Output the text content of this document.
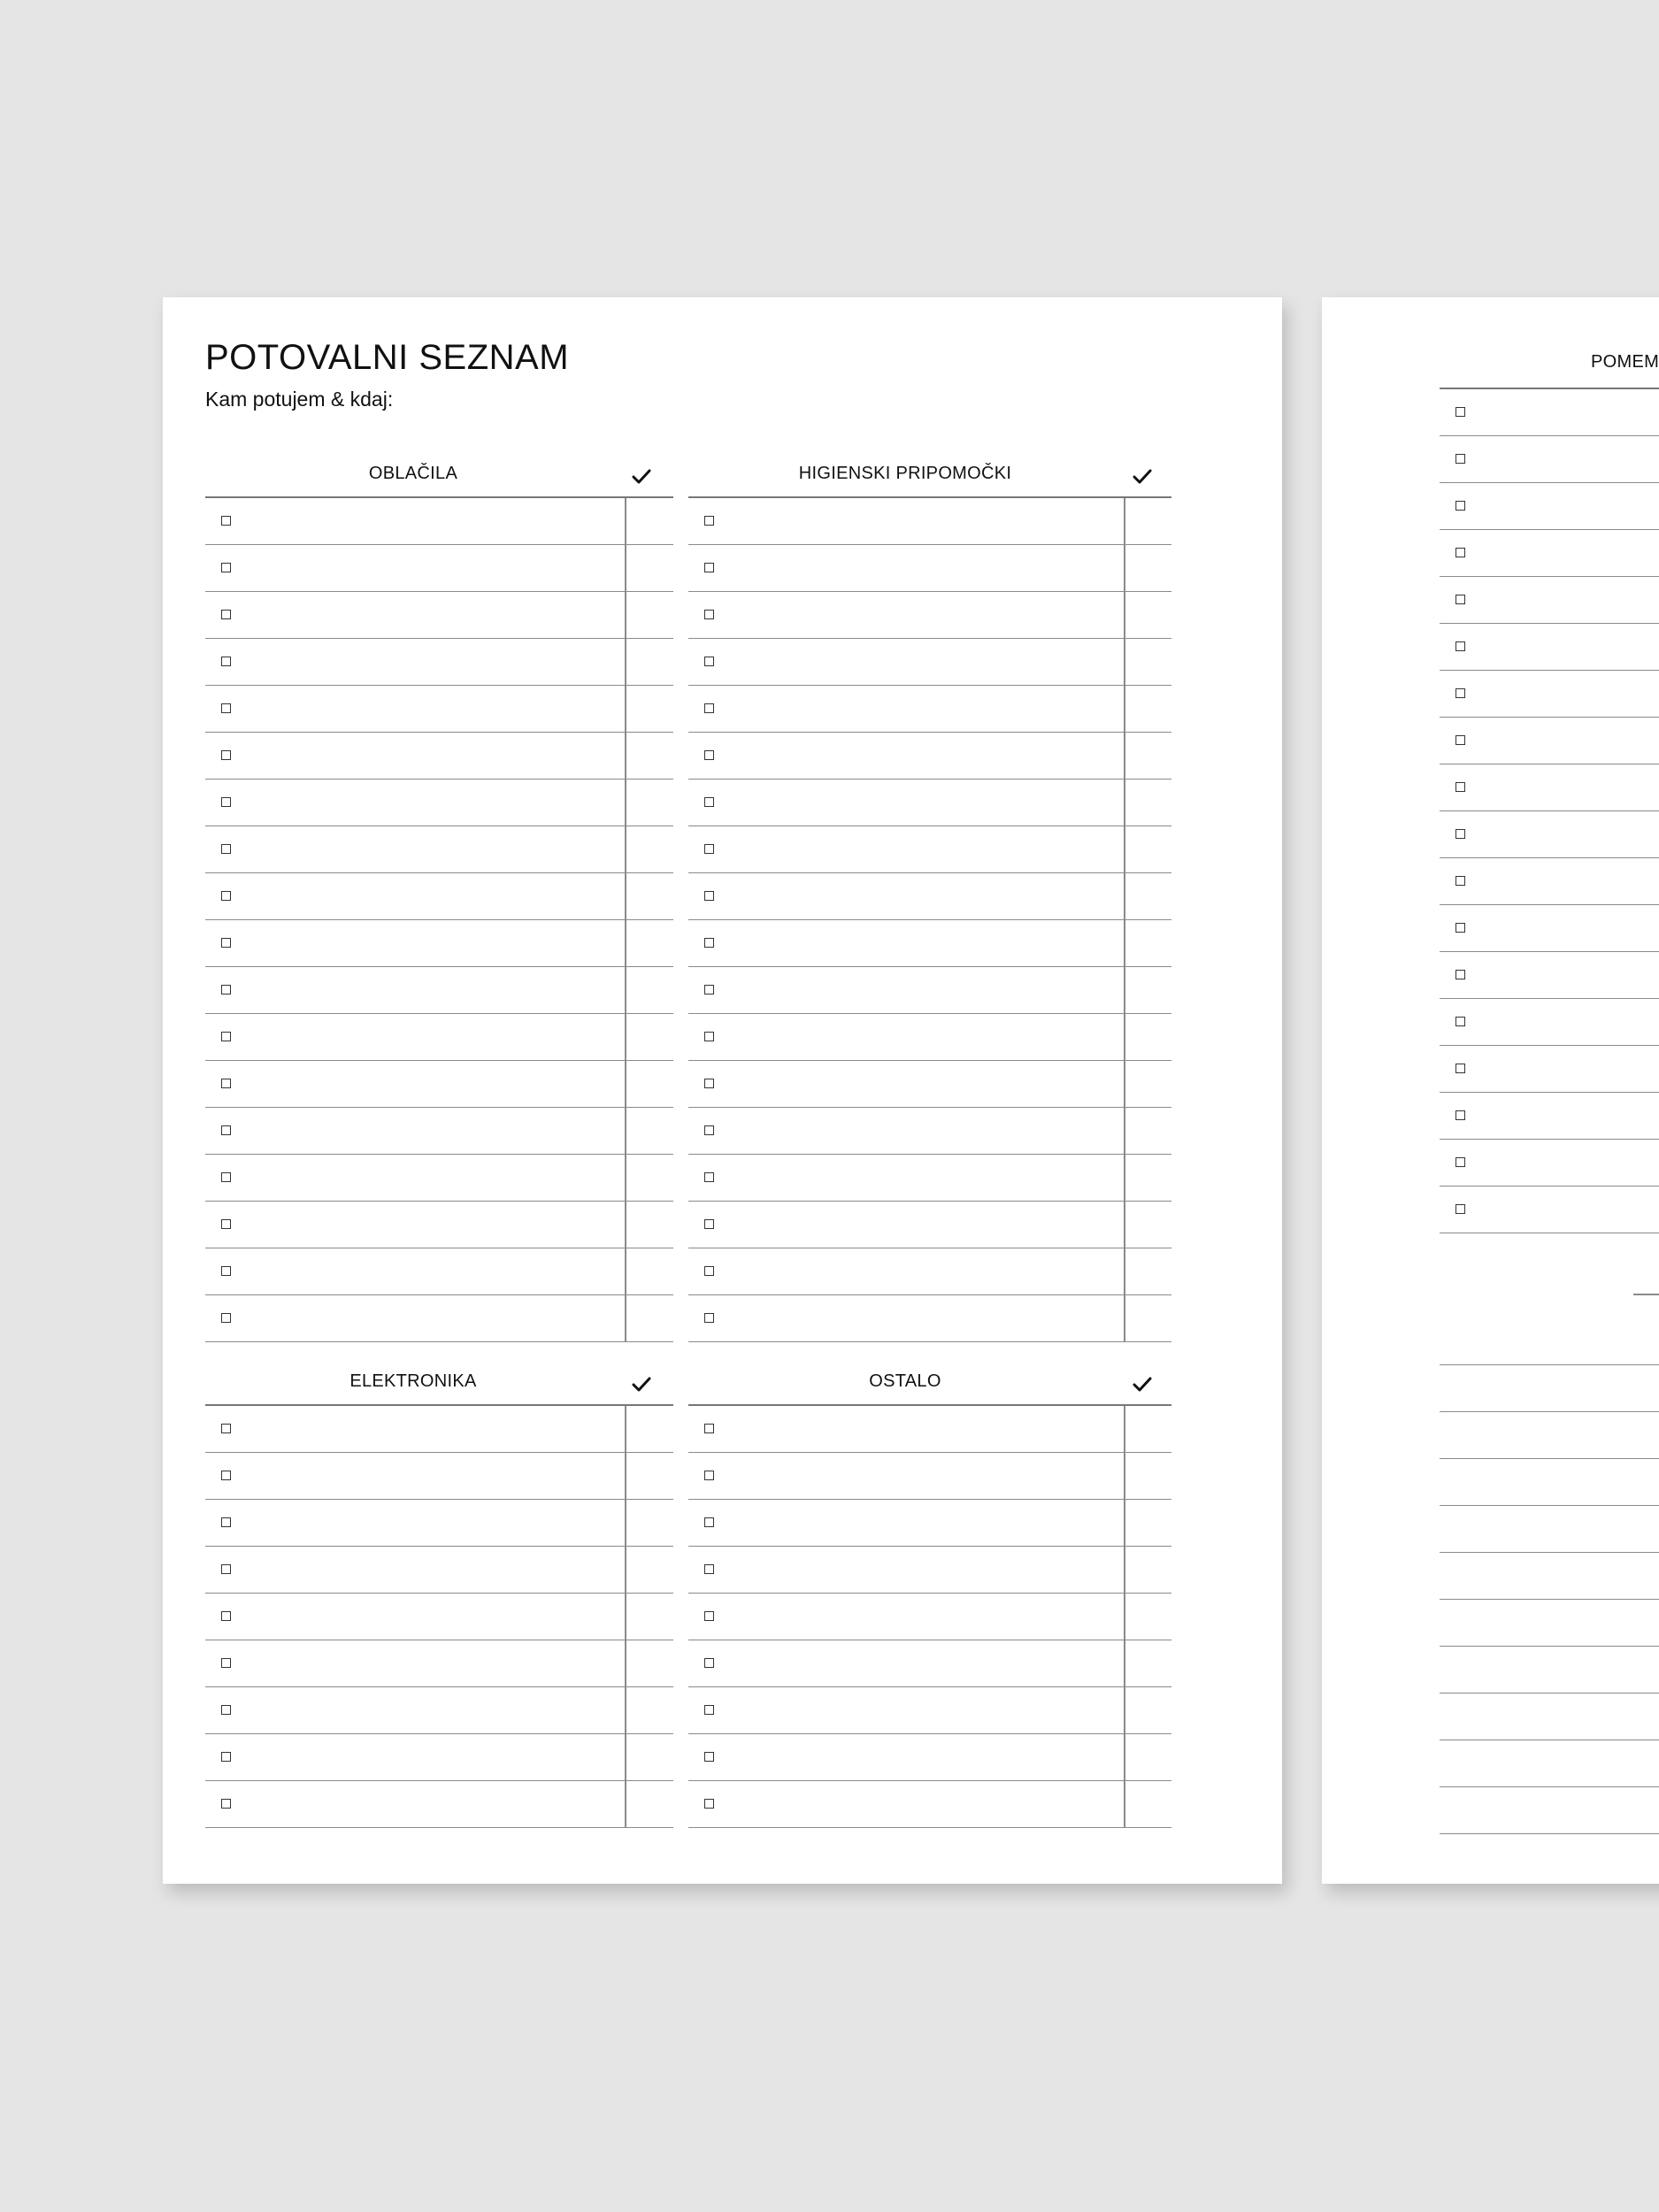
POTOVALNI SEZNAM
Kam potujem & kdaj:
OBLAČILA	HIGIENSKI PRIPOMOČKI
ELEKTRONIKA	OSTALO
POMEM
